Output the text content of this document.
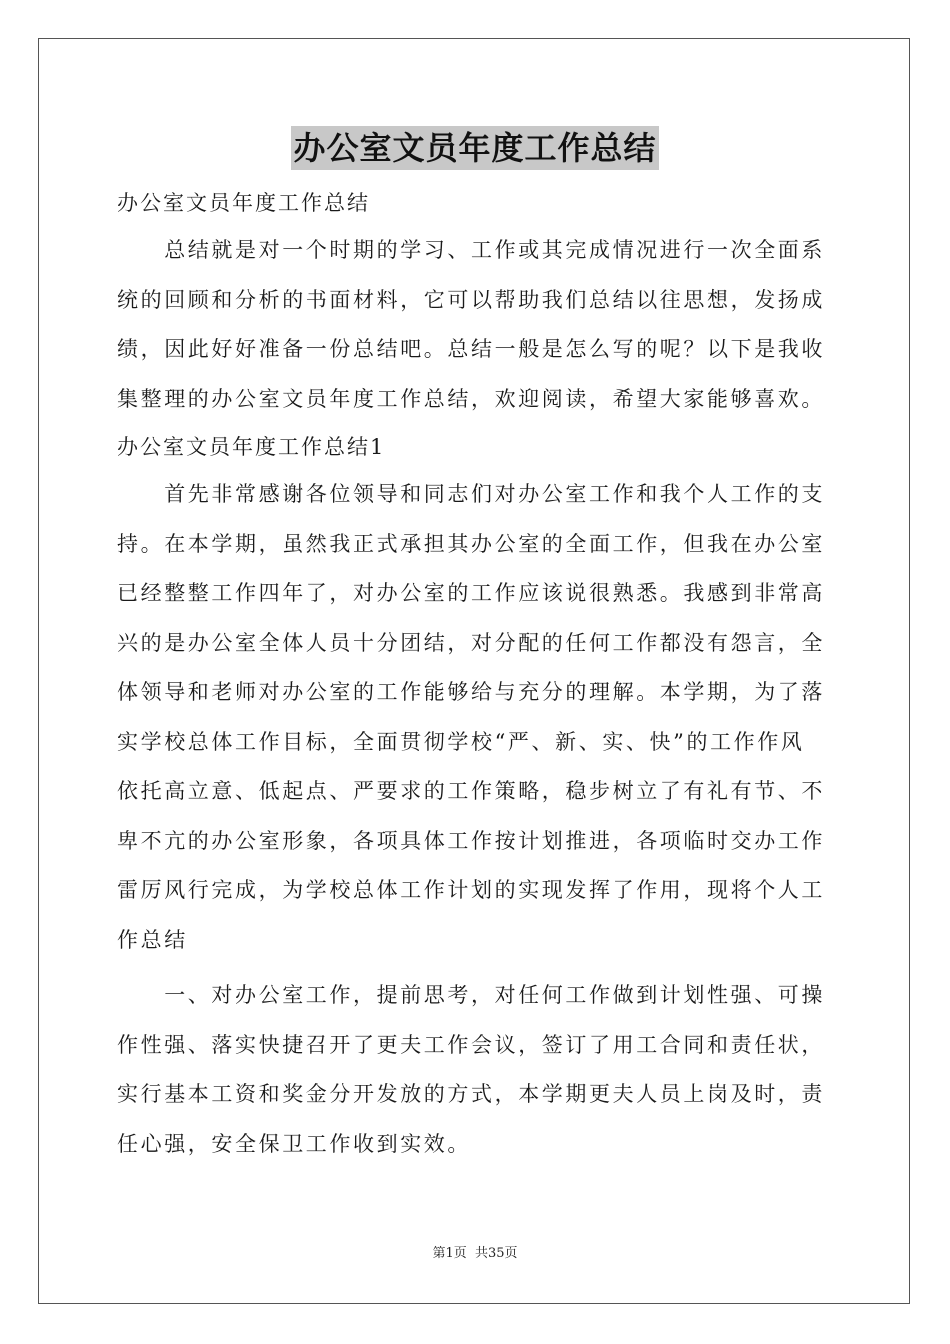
办公室文员年度工作总结

办公室文员年度工作总结

　　总结就是对一个时期的学习、工作或其完成情况进行一次全面系

统的回顾和分析的书面材料，它可以帮助我们总结以往思想，发扬成

绩，因此好好准备一份总结吧。总结一般是怎么写的呢？以下是我收

集整理的办公室文员年度工作总结，欢迎阅读，希望大家能够喜欢。

办公室文员年度工作总结1

　　首先非常感谢各位领导和同志们对办公室工作和我个人工作的支

持。在本学期，虽然我正式承担其办公室的全面工作，但我在办公室

已经整整工作四年了，对办公室的工作应该说很熟悉。我感到非常高

兴的是办公室全体人员十分团结，对分配的任何工作都没有怨言，全

体领导和老师对办公室的工作能够给与充分的理解。本学期，为了落

实学校总体工作目标，全面贯彻学校“严、新、实、快”的工作作风

依托高立意、低起点、严要求的工作策略，稳步树立了有礼有节、不

卑不亢的办公室形象，各项具体工作按计划推进，各项临时交办工作

雷厉风行完成，为学校总体工作计划的实现发挥了作用，现将个人工

作总结

　　一、对办公室工作，提前思考，对任何工作做到计划性强、可操

作性强、落实快捷召开了更夫工作会议，签订了用工合同和责任状，

实行基本工资和奖金分开发放的方式，本学期更夫人员上岗及时，责

任心强，安全保卫工作收到实效。

第1页 共35页
